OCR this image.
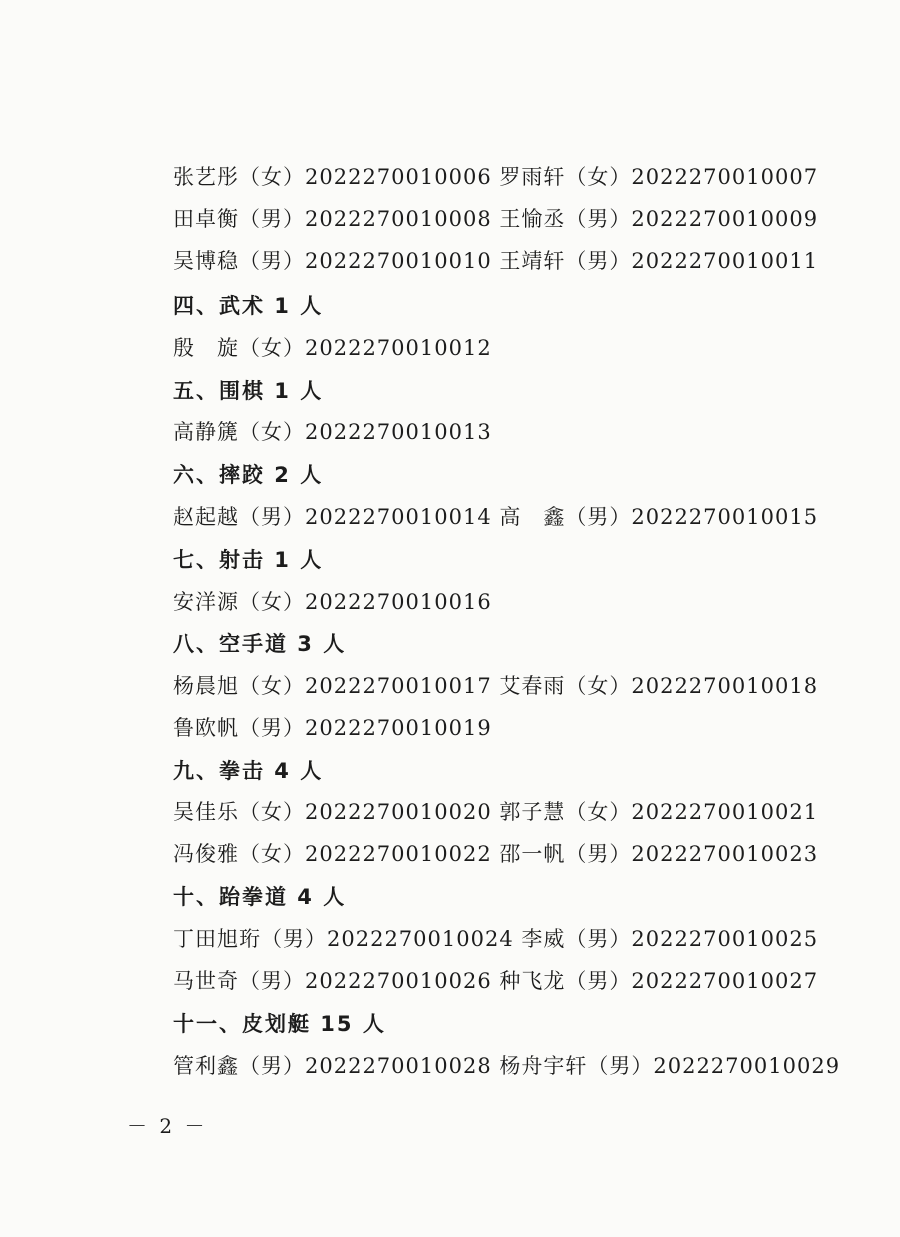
张艺彤（女）2022270010006 罗雨轩（女）2022270010007
田卓衡（男）2022270010008 王愉丞（男）2022270010009
吴博稳（男）2022270010010 王靖轩（男）2022270010011
四、武术 1 人
殷　旋（女）2022270010012
五、围棋 1 人
高静篪（女）2022270010013
六、摔跤 2 人
赵起越（男）2022270010014 高　鑫（男）2022270010015
七、射击 1 人
安洋源（女）2022270010016
八、空手道 3 人
杨晨旭（女）2022270010017 艾春雨（女）2022270010018
鲁欧帆（男）2022270010019
九、拳击 4 人
吴佳乐（女）2022270010020 郭子慧（女）2022270010021
冯俊雅（女）2022270010022 邵一帆（男）2022270010023
十、跆拳道 4 人
丁田旭珩（男）2022270010024 李威（男）2022270010025
马世奇（男）2022270010026 种飞龙（男）2022270010027
十一、皮划艇 15 人
管利鑫（男）2022270010028 杨舟宇轩（男）2022270010029
－ 2 －
